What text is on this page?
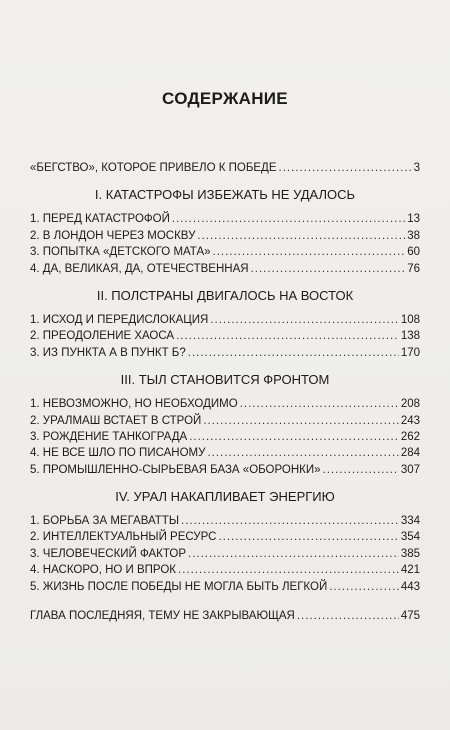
СОДЕРЖАНИЕ
«БЕГСТВО», КОТОРОЕ ПРИВЕЛО К ПОБЕДЕ .....	3
I. КАТАСТРОФЫ ИЗБЕЖАТЬ НЕ УДАЛОСЬ
1. ПЕРЕД КАТАСТРОФОЙ .....	13
2. В ЛОНДОН ЧЕРЕЗ МОСКВУ .....	38
3. ПОПЫТКА «ДЕТСКОГО МАТА» .....	60
4. ДА, ВЕЛИКАЯ, ДА, ОТЕЧЕСТВЕННАЯ .....	76
II. ПОЛСТРАНЫ ДВИГАЛОСЬ НА ВОСТОК
1. ИСХОД И ПЕРЕДИСЛОКАЦИЯ .....	108
2. ПРЕОДОЛЕНИЕ ХАОСА .....	138
3. ИЗ ПУНКТА А В ПУНКТ Б? .....	170
III. ТЫЛ СТАНОВИТСЯ ФРОНТОМ
1. НЕВОЗМОЖНО, НО НЕОБХОДИМО .....	208
2. УРАЛМАШ ВСТАЕТ В СТРОЙ .....	243
3. РОЖДЕНИЕ ТАНКОГРАДА .....	262
4. НЕ ВСЕ ШЛО ПО ПИСАНОМУ .....	284
5. ПРОМЫШЛЕННО-СЫРЬЕВАЯ БАЗА «ОБОРОНКИ» .....	307
IV. УРАЛ НАКАПЛИВАЕТ ЭНЕРГИЮ
1. БОРЬБА ЗА МЕГАВАТТЫ .....	334
2. ИНТЕЛЛЕКТУАЛЬНЫЙ РЕСУРС .....	354
3. ЧЕЛОВЕЧЕСКИЙ ФАКТОР .....	385
4. НАСКОРО, НО И ВПРОК .....	421
5. ЖИЗНЬ ПОСЛЕ ПОБЕДЫ НЕ МОГЛА БЫТЬ ЛЕГКОЙ .....	443
ГЛАВА ПОСЛЕДНЯЯ, ТЕМУ НЕ ЗАКРЫВАЮЩАЯ .....	475
